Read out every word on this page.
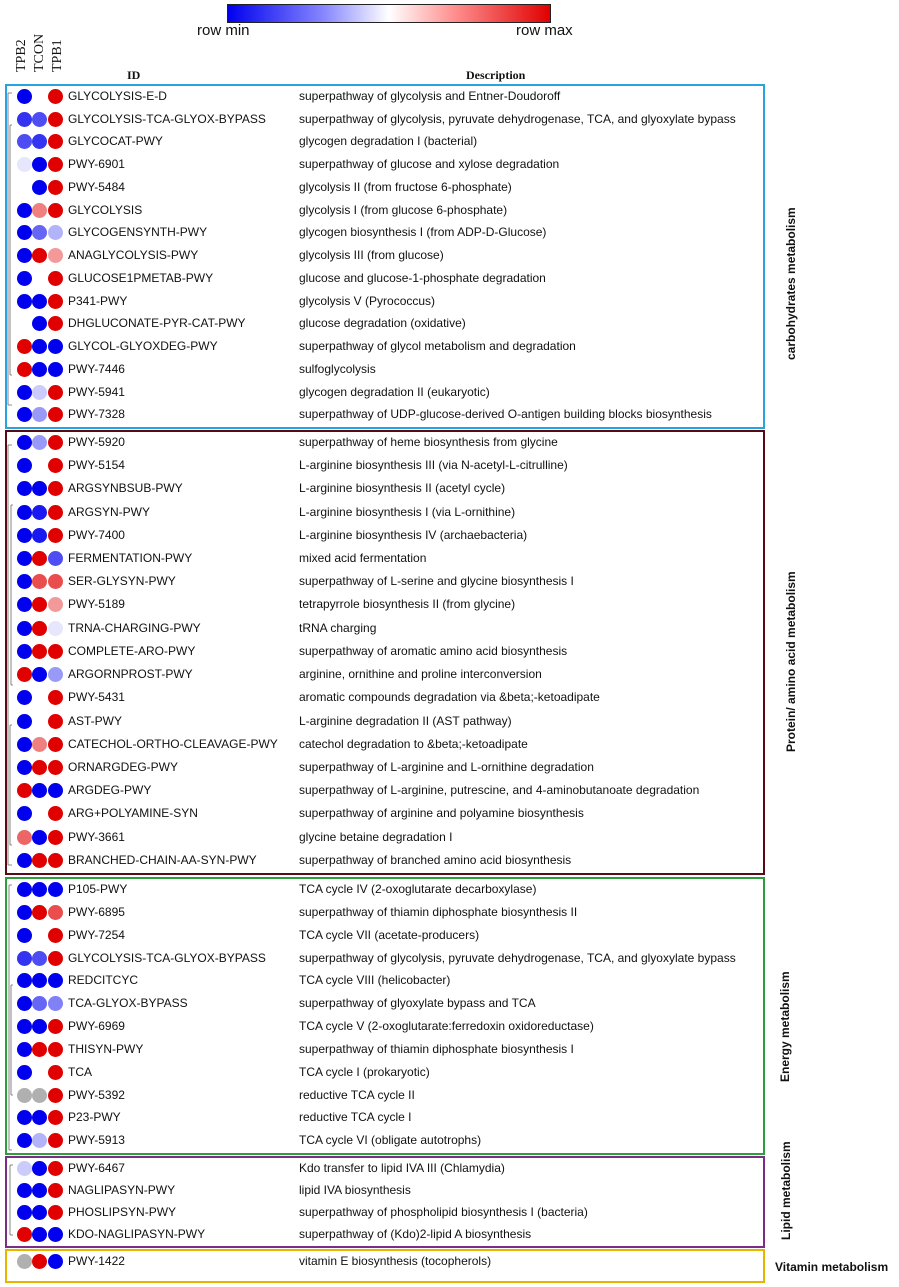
row min	row max
TPB2 TCON TPB1
ID	Description
carbohydrates metabolism
GLYCOLYSIS-E-D	superpathway of glycolysis and Entner-Doudoroff
GLYCOLYSIS-TCA-GLYOX-BYPASS	superpathway of glycolysis, pyruvate dehydrogenase, TCA, and glyoxylate bypass
GLYCOCAT-PWY	glycogen degradation I (bacterial)
PWY-6901	superpathway of glucose and xylose degradation
PWY-5484	glycolysis II (from fructose 6-phosphate)
GLYCOLYSIS	glycolysis I (from glucose 6-phosphate)
GLYCOGENSYNTH-PWY	glycogen biosynthesis I (from ADP-D-Glucose)
ANAGLYCOLYSIS-PWY	glycolysis III (from glucose)
GLUCOSE1PMETAB-PWY	glucose and glucose-1-phosphate degradation
P341-PWY	glycolysis V (Pyrococcus)
DHGLUCONATE-PYR-CAT-PWY	glucose degradation (oxidative)
GLYCOL-GLYOXDEG-PWY	superpathway of glycol metabolism and degradation
PWY-7446	sulfoglycolysis
PWY-5941	glycogen degradation II (eukaryotic)
PWY-7328	superpathway of UDP-glucose-derived O-antigen building blocks biosynthesis
Protein/ amino acid metabolism
PWY-5920	superpathway of heme biosynthesis from glycine
PWY-5154	L-arginine biosynthesis III (via N-acetyl-L-citrulline)
ARGSYNBSUB-PWY	L-arginine biosynthesis II (acetyl cycle)
ARGSYN-PWY	L-arginine biosynthesis I (via L-ornithine)
PWY-7400	L-arginine biosynthesis IV (archaebacteria)
FERMENTATION-PWY	mixed acid fermentation
SER-GLYSYN-PWY	superpathway of L-serine and glycine biosynthesis I
PWY-5189	tetrapyrrole biosynthesis II (from glycine)
TRNA-CHARGING-PWY	tRNA charging
COMPLETE-ARO-PWY	superpathway of aromatic amino acid biosynthesis
ARGORNPROST-PWY	arginine, ornithine and proline interconversion
PWY-5431	aromatic compounds degradation via &beta;-ketoadipate
AST-PWY	L-arginine degradation II (AST pathway)
CATECHOL-ORTHO-CLEAVAGE-PWY catechol degradation to &beta;-ketoadipate
ORNARGDEG-PWY	superpathway of L-arginine and L-ornithine degradation
ARGDEG-PWY	superpathway of L-arginine, putrescine, and 4-aminobutanoate degradation
ARG+POLYAMINE-SYN	superpathway of arginine and polyamine biosynthesis
PWY-3661	glycine betaine degradation I
BRANCHED-CHAIN-AA-SYN-PWY	superpathway of branched amino acid biosynthesis
Energy metabolism
P105-PWY	TCA cycle IV (2-oxoglutarate decarboxylase)
PWY-6895	superpathway of thiamin diphosphate biosynthesis II
PWY-7254	TCA cycle VII (acetate-producers)
GLYCOLYSIS-TCA-GLYOX-BYPASS	superpathway of glycolysis, pyruvate dehydrogenase, TCA, and glyoxylate bypass
REDCITCYC	TCA cycle VIII (helicobacter)
TCA-GLYOX-BYPASS	superpathway of glyoxylate bypass and TCA
PWY-6969	TCA cycle V (2-oxoglutarate:ferredoxin oxidoreductase)
THISYN-PWY	superpathway of thiamin diphosphate biosynthesis I
TCA	TCA cycle I (prokaryotic)
PWY-5392	reductive TCA cycle II
P23-PWY	reductive TCA cycle I
PWY-5913	TCA cycle VI (obligate autotrophs)
Lipid metabolism
PWY-6467	Kdo transfer to lipid IVA III (Chlamydia)
NAGLIPASYN-PWY	lipid IVA biosynthesis
PHOSLIPSYN-PWY	superpathway of phospholipid biosynthesis I (bacteria)
KDO-NAGLIPASYN-PWY	superpathway of (Kdo)2-lipid A biosynthesis
Vitamin metabolism
PWY-1422	vitamin E biosynthesis (tocopherols)
